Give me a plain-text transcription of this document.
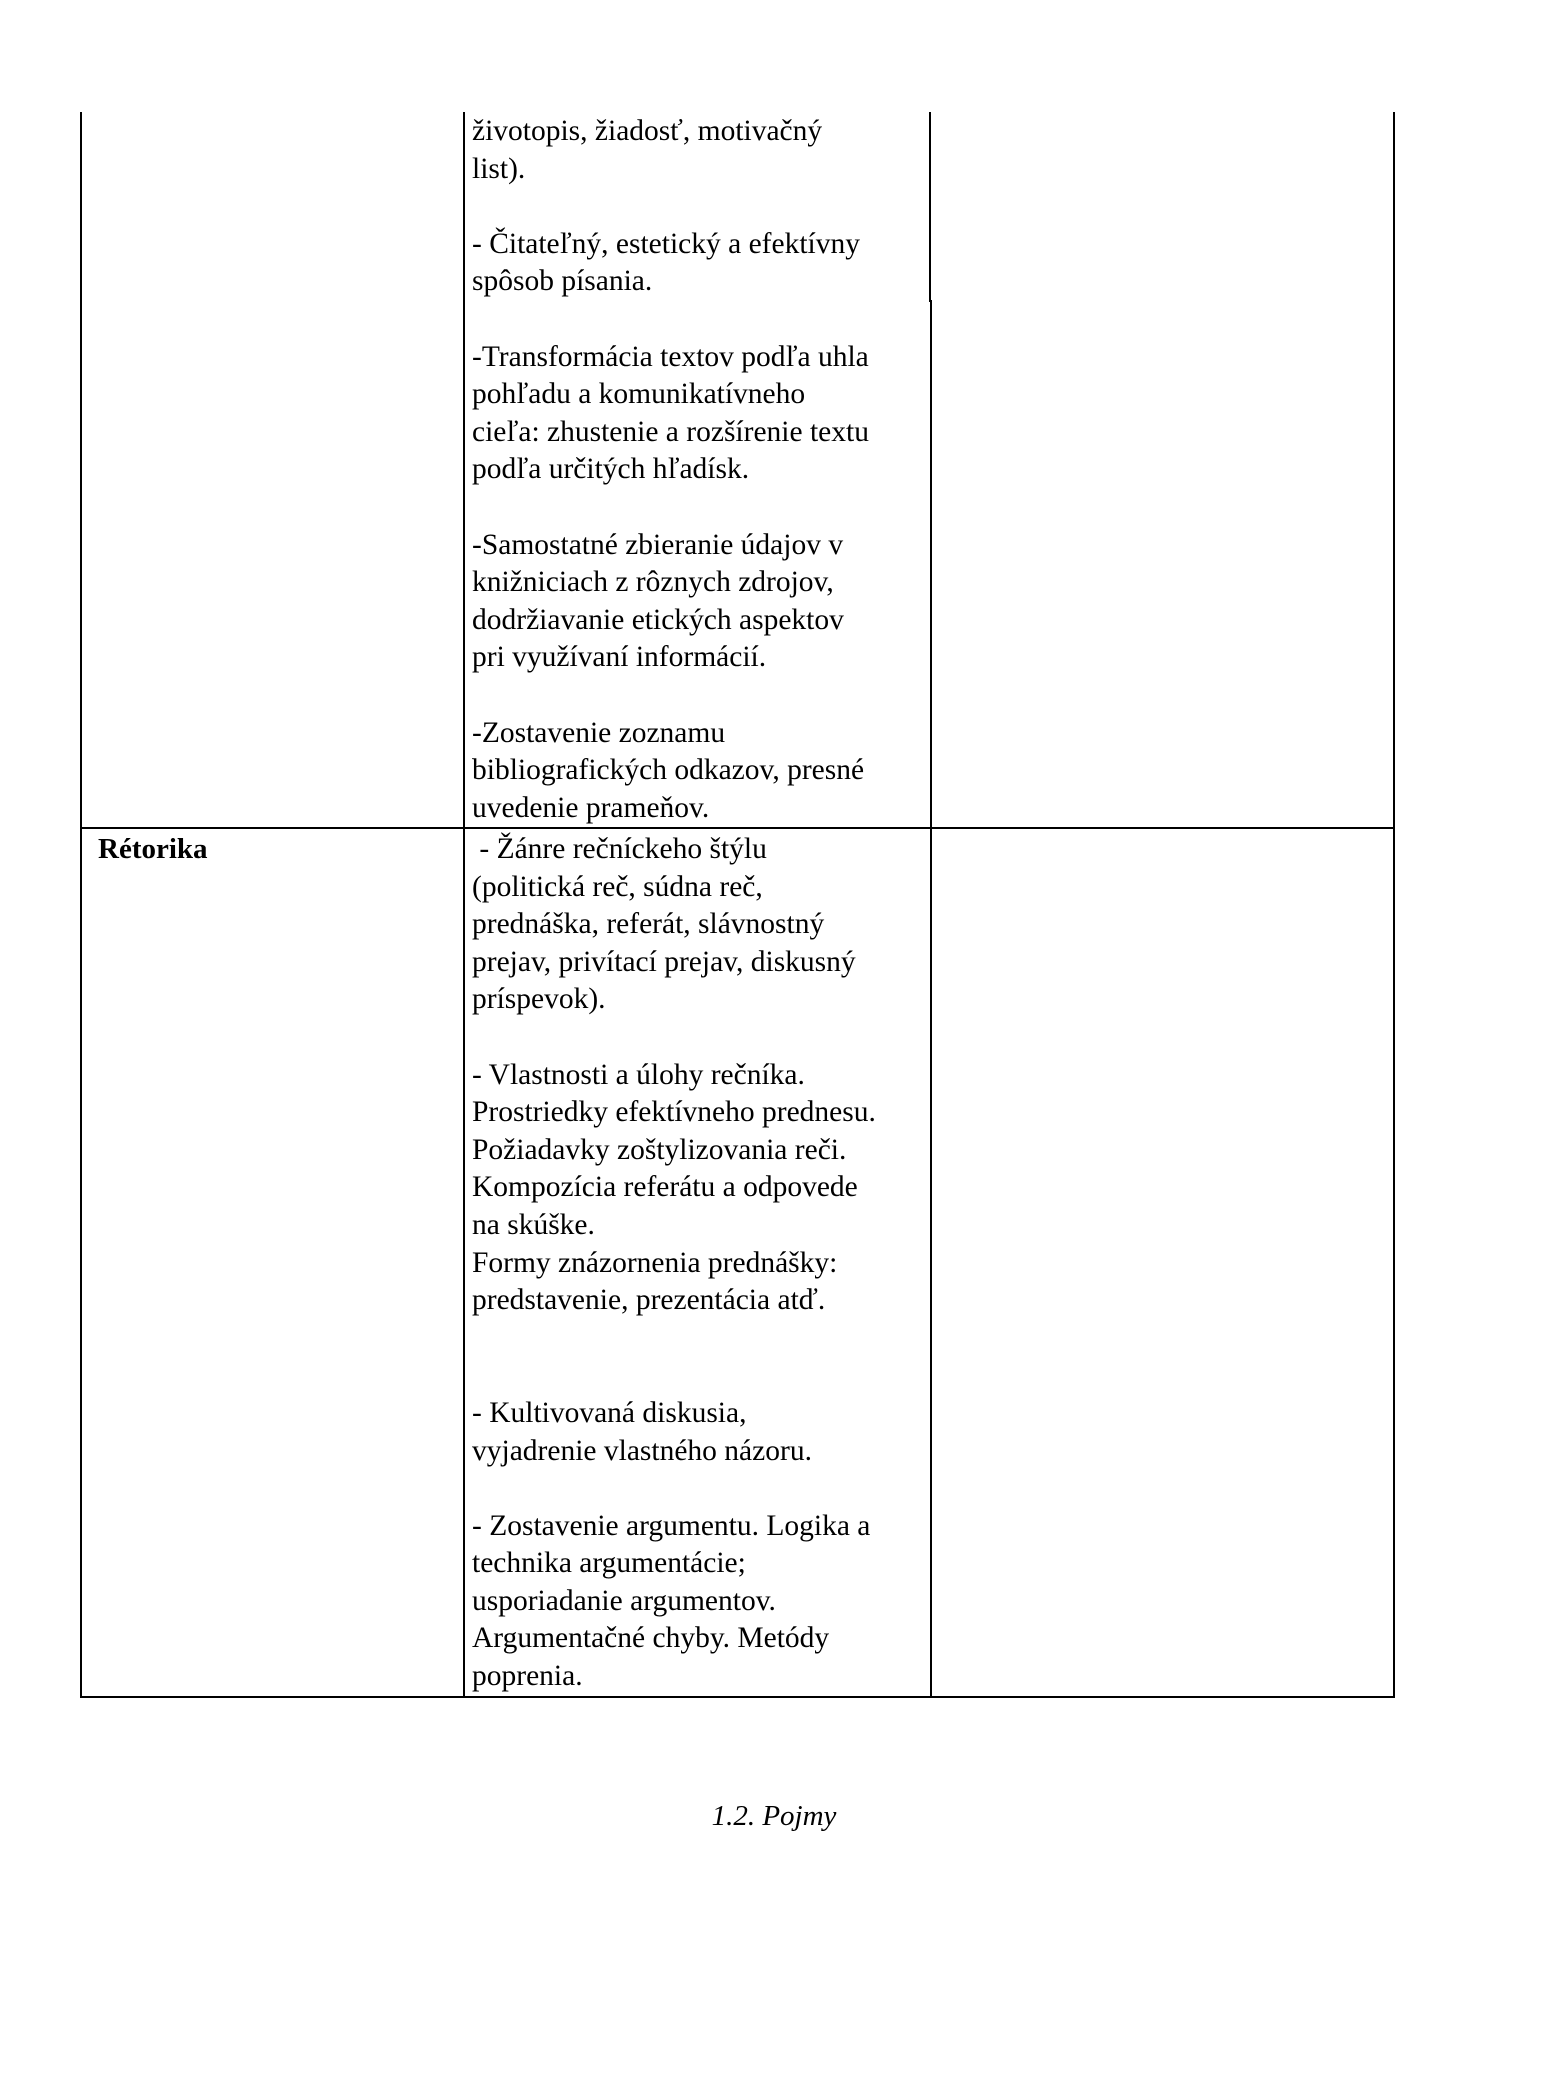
životopis, žiadosť, motivačný
list).
- Čitateľný, estetický a efektívny
spôsob písania.
-Transformácia textov podľa uhla
pohľadu a komunikatívneho
cieľa: zhustenie a rozšírenie textu
podľa určitých hľadísk.
-Samostatné zbieranie údajov v
knižniciach z rôznych zdrojov,
dodržiavanie etických aspektov
pri využívaní informácií.
-Zostavenie zoznamu
bibliografických odkazov, presné
uvedenie prameňov.
Rétorika	- Žánre rečníckeho štýlu
(politická reč, súdna reč,
prednáška, referát, slávnostný
prejav, privítací prejav, diskusný
príspevok).
- Vlastnosti a úlohy rečníka.
Prostriedky efektívneho prednesu.
Požiadavky zoštylizovania reči.
Kompozícia referátu a odpovede
na skúške.
Formy znázornenia prednášky:
predstavenie, prezentácia atď.
- Kultivovaná diskusia,
vyjadrenie vlastného názoru.
- Zostavenie argumentu. Logika a
technika argumentácie;
usporiadanie argumentov.
Argumentačné chyby. Metódy
poprenia.
1.2. Pojmy
